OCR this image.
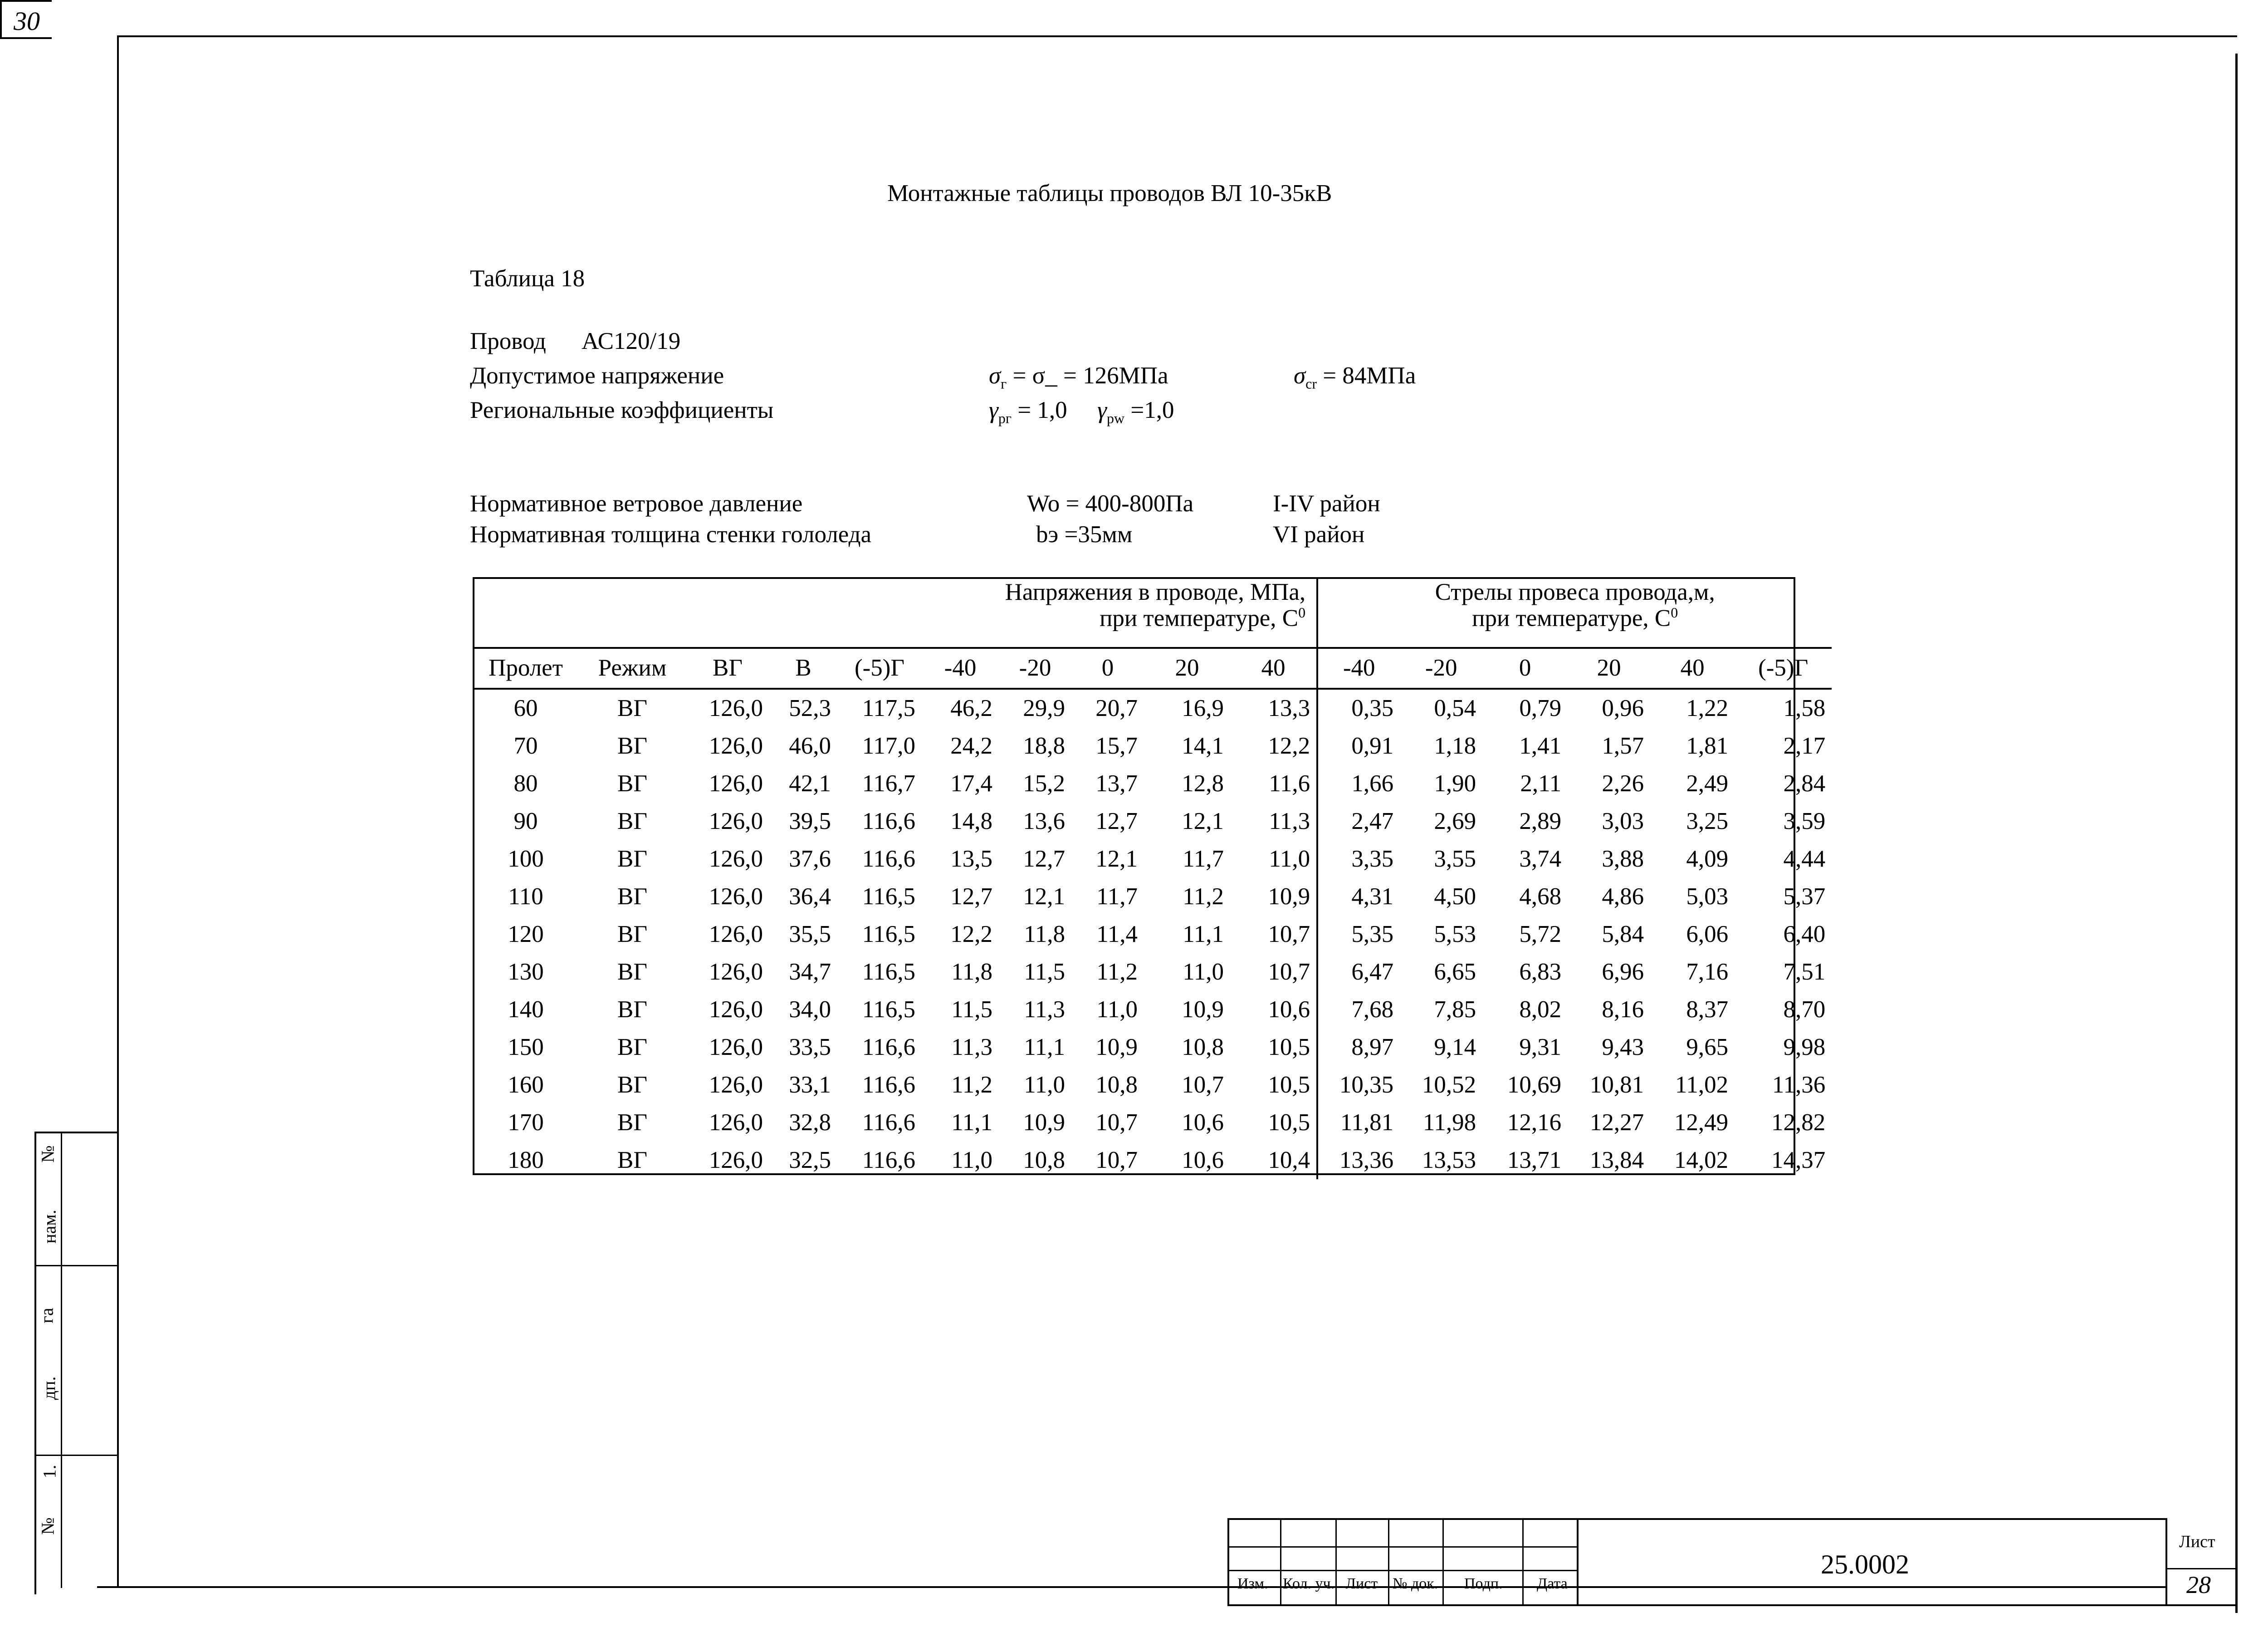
30
Монтажные таблицы проводов ВЛ 10-35кВ
Таблица 18
Провод АС120/19
Допустимое напряжение	$\sigma_г$ = σ_ = 126МПа	$\sigma_{cr} = 84МПа$
Региональные коэффициенты	$\gamma_{pг} = 1,0$ $\gamma_{pw} =1,0$
Нормативное ветровое давление	Wo = 400-800Па	I-IV район
Нормативная толщина стенки гололеда	bэ =35мм	VI район
Напряжения в проводе, МПа,
при температуре, $С^0$										Стрелы провеса провода,м,
при температуре, $С^0$
Пролет	Режим	ВГ	В	(-5)Г	-40	-20	0	20	40	-40	-20	0	20	40	(-5)Г
60	ВГ	126,0	52,3	117,5	46,2	29,9	20,7	16,9	13,3	0,35	0,54	0,79	0,96	1,22	1,58
70	ВГ	126,0	46,0	117,0	24,2	18,8	15,7	14,1	12,2	0,91	1,18	1,41	1,57	1,81	2,17
80	ВГ	126,0	42,1	116,7	17,4	15,2	13,7	12,8	11,6	1,66	1,90	2,11	2,26	2,49	2,84
90	ВГ	126,0	39,5	116,6	14,8	13,6	12,7	12,1	11,3	2,47	2,69	2,89	3,03	3,25	3,59
100	ВГ	126,0	37,6	116,6	13,5	12,7	12,1	11,7	11,0	3,35	3,55	3,74	3,88	4,09	4,44
110	ВГ	126,0	36,4	116,5	12,7	12,1	11,7	11,2	10,9	4,31	4,50	4,68	4,86	5,03	5,37
120	ВГ	126,0	35,5	116,5	12,2	11,8	11,4	11,1	10,7	5,35	5,53	5,72	5,84	6,06	6,40
130	ВГ	126,0	34,7	116,5	11,8	11,5	11,2	11,0	10,7	6,47	6,65	6,83	6,96	7,16	7,51
140	ВГ	126,0	34,0	116,5	11,5	11,3	11,0	10,9	10,6	7,68	7,85	8,02	8,16	8,37	8,70
150	ВГ	126,0	33,5	116,6	11,3	11,1	10,9	10,8	10,5	8,97	9,14	9,31	9,43	9,65	9,98
160	ВГ	126,0	33,1	116,6	11,2	11,0	10,8	10,7	10,5	10,35	10,52	10,69	10,81	11,02	11,36
170	ВГ	126,0	32,8	116,6	11,1	10,9	10,7	10,6	10,5	11,81	11,98	12,16	12,27	12,49	12,82
180	ВГ	126,0	32,5	116,6	11,0	10,8	10,7	10,6	10,4	13,36	13,53	13,71	13,84	14,02	14,37
№
нам.
га
дп.
1.
№
Изм. Кол. уч. Лист № док. Подп. Дата
25.0002
Лист
28
